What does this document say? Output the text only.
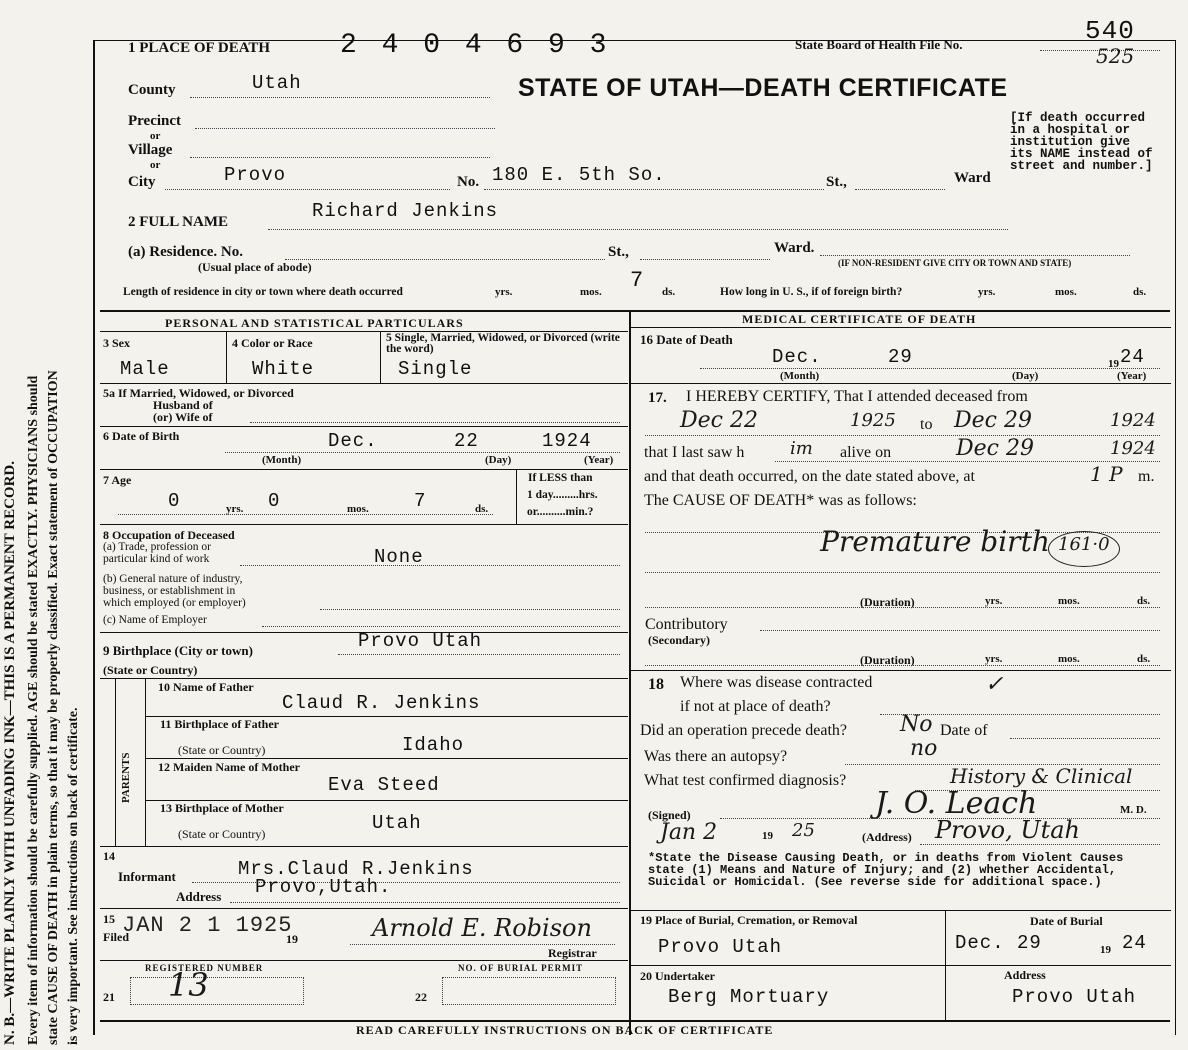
N. B.—WRITE PLAINLY WITH UNFADING INK—THIS IS A PERMANENT RECORD. Every item of information should be carefully supplied. AGE should be stated EXACTLY. PHYSICIANS should state CAUSE OF DEATH in plain terms, so that it may be properly classified. Exact statement of OCCUPATION is very important. See instructions on back of certificate.
1 PLACE OF DEATH 2 4 0 4 6 9 3	State Board of Health File No.	540
525
STATE OF UTAH—DEATH CERTIFICATE
County	Utah
Precinct
or
Village
or
City	Provo	No. 180 E. 5th So.	St.,	Ward
[If death occurred in a hospital or institution give its NAME instead of street and number.]
2 FULL NAME	Richard Jenkins
(a) Residence. No.	St.,	Ward.
(Usual place of abode)	(IF NON-RESIDENT GIVE CITY OR TOWN AND STATE)
Length of residence in city or town where death occurred	yrs.	mos. 7 ds.	How long in U. S., if of foreign birth?	yrs.	mos.	ds.
PERSONAL AND STATISTICAL PARTICULARS
3 Sex
Male
4 Color or Race
White
5 Single, Married, Widowed, or Divorced (write the word)
Single
5a If Married, Widowed, or Divorced
Husband of
(or) Wife of
6 Date of Birth	Dec.	22	1924
(Month)	(Day)	(Year)
7 Age
0	yrs. 0	mos. 7	ds.
If LESS than
1 day.........hrs.
or..........min.?
8 Occupation of Deceased
(a) Trade, profession or
particular kind of work	None
(b) General nature of industry,
business, or establishment in
which employed (or employer)
(c) Name of Employer
9 Birthplace (City or town)	Provo Utah
(State or Country)
PARENTS
10 Name of Father
Claud R. Jenkins
11 Birthplace of Father
(State or Country)	Idaho
12 Maiden Name of Mother
Eva Steed
13 Birthplace of Mother
(State or Country)	Utah
14
Informant	Mrs.Claud R.Jenkins
Address Provo,Utah.
15
Filed
JAN 2 1 1925
19	Arnold E. Robison
Registrar
REGISTERED NUMBER
21 13	NO. OF BURIAL PERMIT
22
MEDICAL CERTIFICATE OF DEATH
16 Date of Death
Dec.	29	19 24
(Month)	(Day)	(Year)
17. I HEREBY CERTIFY, That I attended deceased from
Dec 22	1925 to Dec 29	1924
that I last saw h	im alive on	Dec 29	1924
and that death occurred, on the date stated above, at	1 P m.
The CAUSE OF DEATH* was as follows:
Premature birth 161·0
(Duration)	yrs.	mos.	ds.
Contributory
(Secondary)
(Duration)	yrs.	mos.	ds.
18 Where was disease contracted
if not at place of death?
✓
Did an operation precede death? No Date of
Was there an autopsy?	no
What test confirmed diagnosis?	History & Clinical
(Signed)	J. O. Leach	M. D.
Jan 2	19 25	(Address) Provo, Utah
*State the Disease Causing Death, or in deaths from Violent Causes state (1) Means and Nature of Injury; and (2) whether Accidental, Suicidal or Homicidal. (See reverse side for additional space.)
19 Place of Burial, Cremation, or Removal
Provo Utah
Date of Burial
Dec. 29	19 24
20 Undertaker
Berg Mortuary
Address
Provo Utah
READ CAREFULLY INSTRUCTIONS ON BACK OF CERTIFICATE
